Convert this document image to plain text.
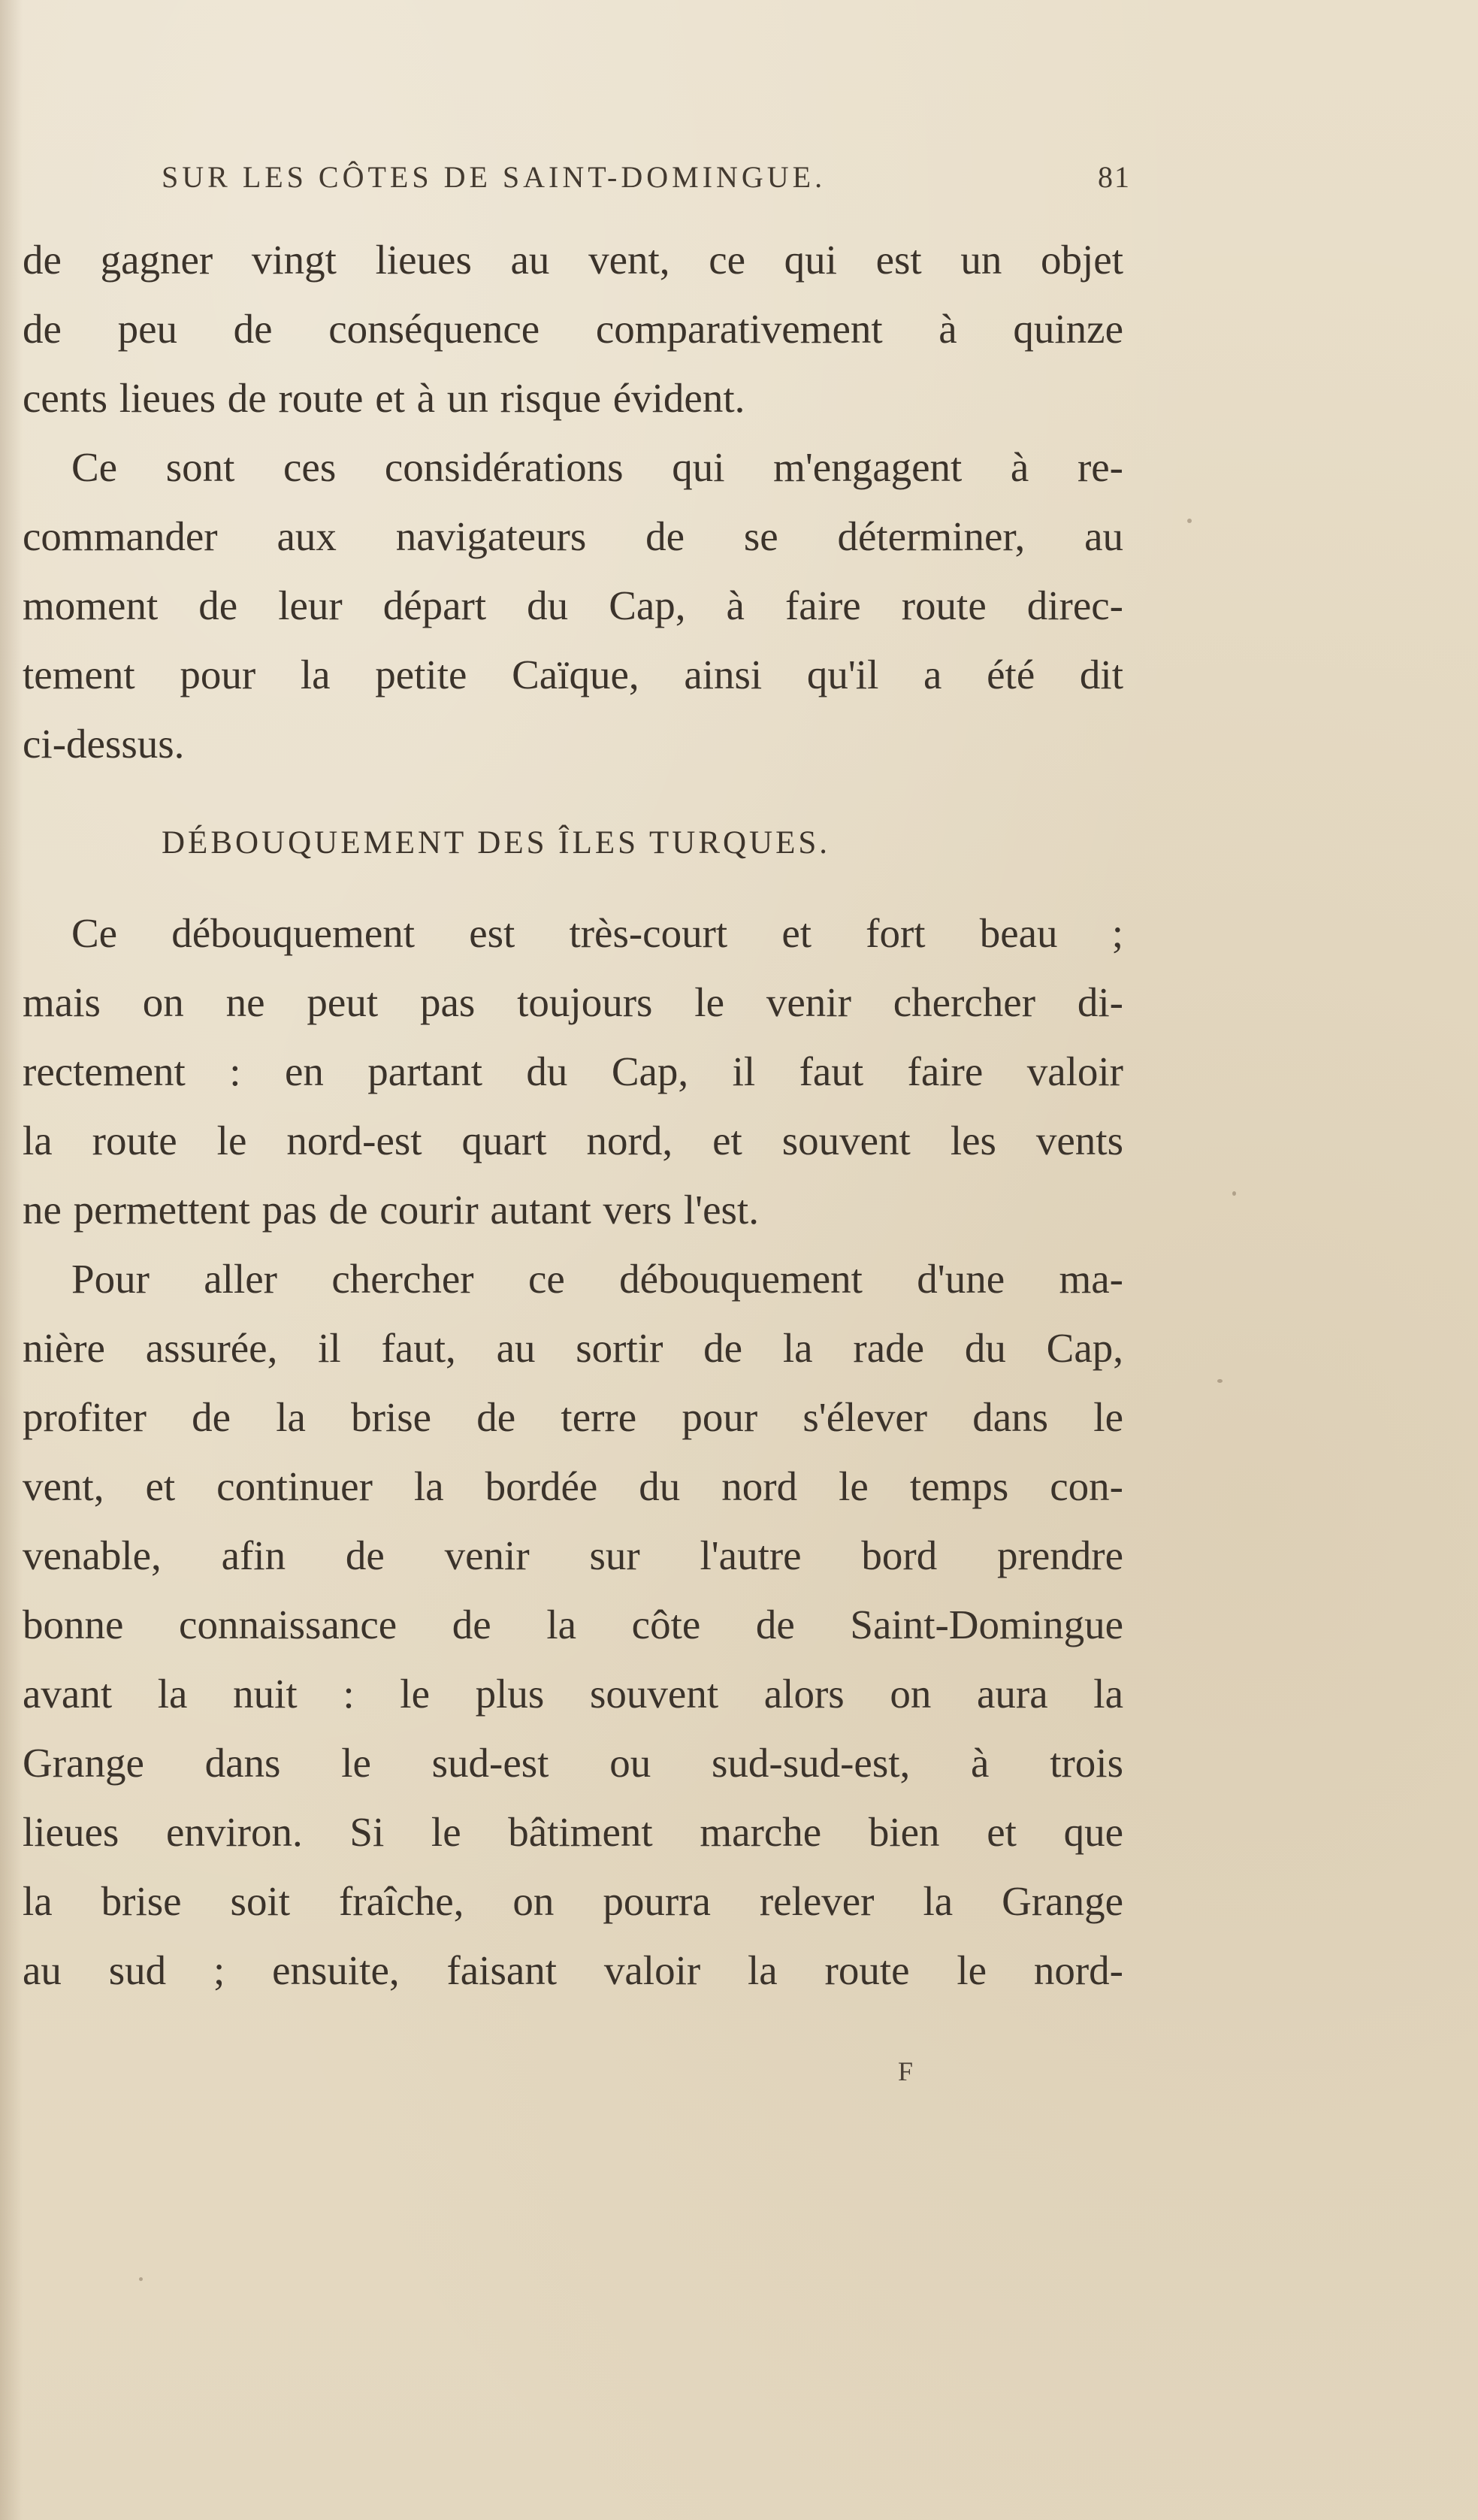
SUR LES CÔTES DE SAINT-DOMINGUE.	81
de gagner vingt lieues au vent, ce qui est un objet
de peu de conséquence comparativement à quinze
cents lieues de route et à un risque évident.
Ce sont ces considérations qui m'engagent à re-
commander aux navigateurs de se déterminer, au
moment de leur départ du Cap, à faire route direc-
tement pour la petite Caïque, ainsi qu'il a été dit
ci-dessus.
DÉBOUQUEMENT DES ÎLES TURQUES.
Ce débouquement est très-court et fort beau ;
mais on ne peut pas toujours le venir chercher di-
rectement : en partant du Cap, il faut faire valoir
la route le nord-est quart nord, et souvent les vents
ne permettent pas de courir autant vers l'est.
Pour aller chercher ce débouquement d'une ma-
nière assurée, il faut, au sortir de la rade du Cap,
profiter de la brise de terre pour s'élever dans le
vent, et continuer la bordée du nord le temps con-
venable, afin de venir sur l'autre bord prendre
bonne connaissance de la côte de Saint-Domingue
avant la nuit : le plus souvent alors on aura la
Grange dans le sud-est ou sud-sud-est, à trois
lieues environ. Si le bâtiment marche bien et que
la brise soit fraîche, on pourra relever la Grange
au sud ; ensuite, faisant valoir la route le nord-
F
